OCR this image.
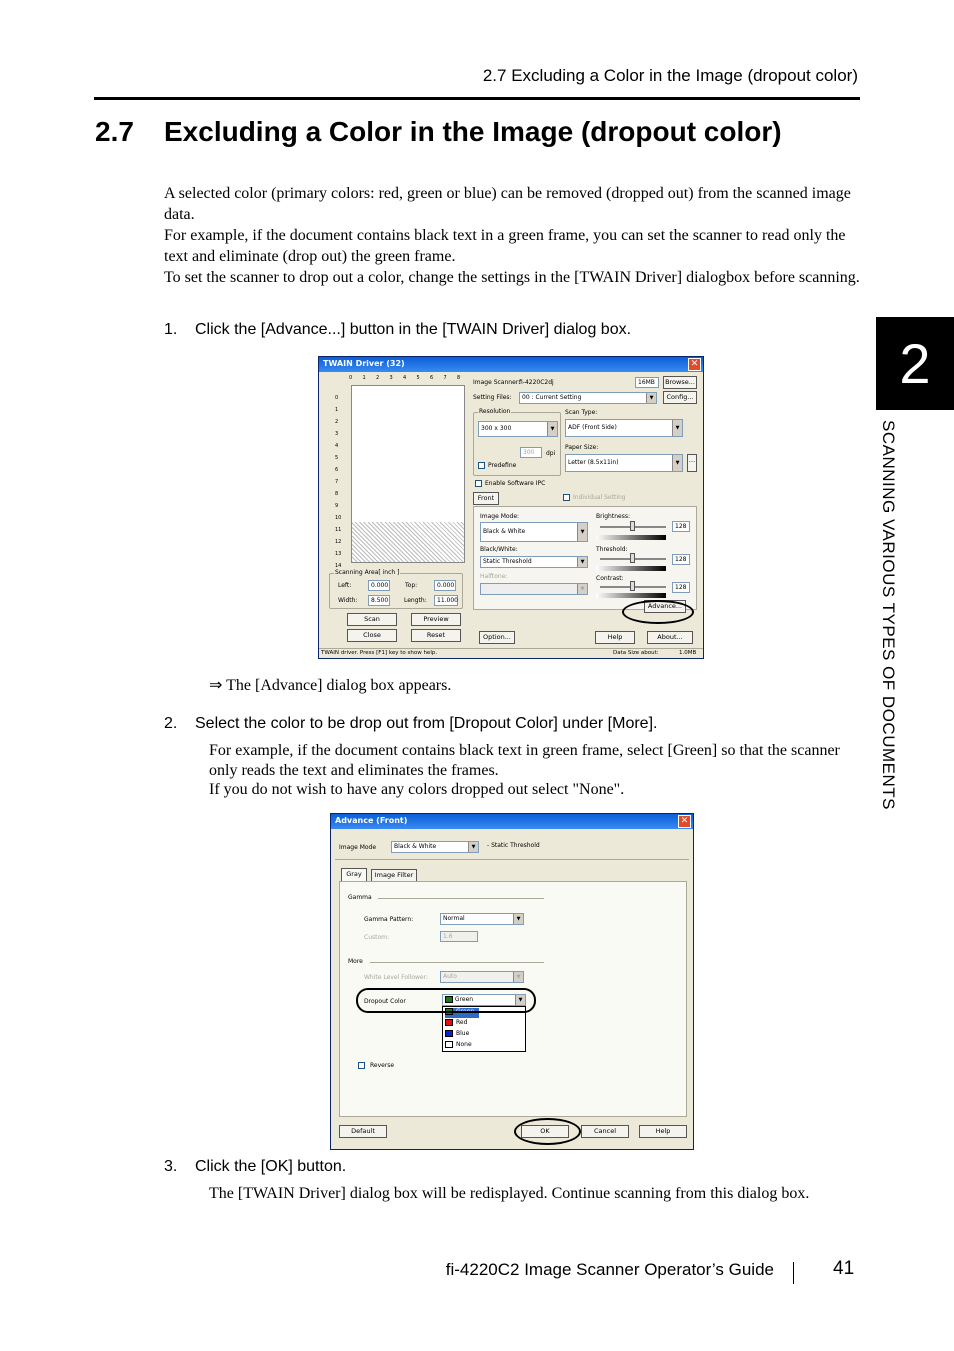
2.7 Excluding a Color in the Image (dropout color)
2.7 Excluding a Color in the Image (dropout color)
A selected color (primary colors: red, green or blue) can be removed (dropped out) from the scanned image data.
For example, if the document contains black text in a green frame, you can set the scanner to read only the text and eliminate (drop out) the green frame.
To set the scanner to drop out a color, change the settings in the [TWAIN Driver] dialogbox before scanning.
1. Click the [Advance...] button in the [TWAIN Driver] dialog box.
TWAIN Driver (32)	✕
0 1 2 3 4 5 6 7 8
0
1
2
3
4
5
6
7
8
9
10
11
12
13
14
Scanning Area[ inch ]
Left:	0.000	Top:	0.000
Width:	8.500	Length:	11.000
Scan	Preview
Close	Reset
Image Scanner:
fi-4220C2dj	16MB	Browse...
Setting Files:	00 : Current Setting	▼	Config...
Resolution
300 x 300	▼
Predefine
300	dpi
Scan Type:
ADF (Front Side)	▼
Paper Size:
Letter (8.5x11in)	▼	…
Enable Software IPC
Front	Individual Setting
Image Mode:
Black & White	▼
Black/White:
Static Threshold	▼
Halftone:
▼
Brightness:
128
Threshold:
128
Contrast:
128
Advance...
Option...	Help	About...
TWAIN driver. Press [F1] key to show help.	Data Size about:	1.0MB
⇒ The [Advance] dialog box appears.
2. Select the color to be drop out from [Dropout Color] under [More].
For example, if the document contains black text in green frame, select [Green] so that the scanner only reads the text and eliminates the frames.
If you do not wish to have any colors dropped out select "None".
Advance (Front)	✕
Image Mode	Black & White	▼	- Static Threshold
Gray	Image Filter
Gamma
Gamma Pattern:	Normal	▼
Custom:	1.6
More
White Level Follower:	Auto	▼
Dropout Color	Green	▼
Green
Red
Blue
None
Reverse
Default	OK	Cancel	Help
3. Click the [OK] button.
The [TWAIN Driver] dialog box will be redisplayed. Continue scanning from this dialog box.
2
SCANNING VARIOUS TYPES OF DOCUMENTS
fi-4220C2 Image Scanner Operator’s Guide	41
